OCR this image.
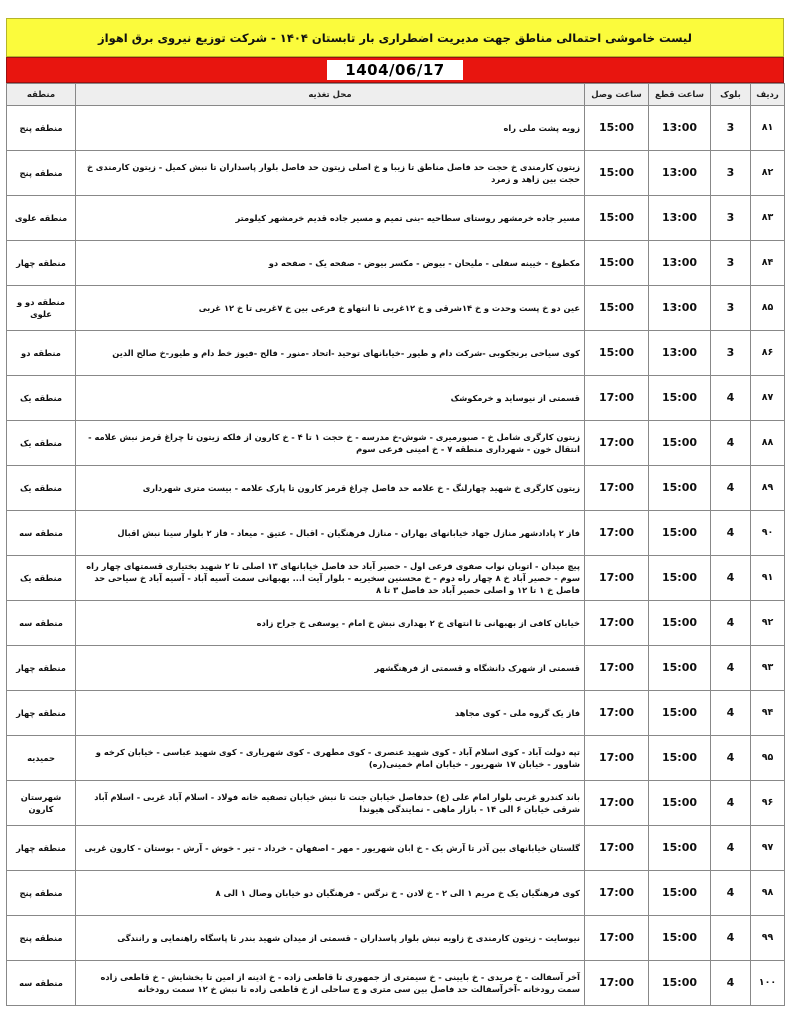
لیست خاموشی احتمالی مناطق جهت مدیریت اضطراری بار تابستان ۱۴۰۴ - شرکت توزیع نیروی برق اهواز
1404/06/17
ردیف	بلوک	ساعت قطع	ساعت وصل	محل تغذیه	منطقه
۸۱	3	13:00	15:00	زویه پشت ملی راه	منطقه پنج
۸۲	3	13:00	15:00	زیتون کارمندی خ حجت حد فاصل مناطق تا زیبا و خ اصلی زیتون حد فاصل بلوار پاسداران تا نبش کمیل - زیتون کارمندی خ حجت بین زاهد و زمرد	منطقه پنج
۸۳	3	13:00	15:00	مسیر جاده خرمشهر روستای سطاحیه -بنی تمیم و مسیر جاده قدیم خرمشهر کیلومتر	منطقه علوی
۸۴	3	13:00	15:00	مکطوع - خیینه سفلی - ملیحان - بیوض - مکسر بیوض - صفحه یک - صفحه دو	منطقه چهار
۸۵	3	13:00	15:00	عین دو خ پست وحدت و خ ۱۴شرقی و خ ۱۲غربی تا انتهاو خ فرعی بین خ ۷غربی تا خ ۱۲ غربی	منطقه دو و علوی
۸۶	3	13:00	15:00	کوی سیاحی برنجکوبی -شرکت دام و طیور -خیابانهای توحید -اتحاد -منور - فالح -فیوز خط دام و طیور-خ صالح الدین	منطقه دو
۸۷	4	15:00	17:00	قسمتی از نیوساید و خرمکوشک	منطقه یک
۸۸	4	15:00	17:00	زیتون کارگری شامل خ - صبورمیری - شوش-خ مدرسه - خ حجت ۱ تا ۴ - خ کارون از فلکه زیتون تا چراغ قرمز نبش علامه - انتقال خون - شهرداری منطقه ۷ - خ امینی فرعی سوم	منطقه یک
۸۹	4	15:00	17:00	زیتون کارگری خ شهید چهارلنگ - خ علامه حد فاصل چراغ قرمز کارون تا پارک علامه - بیست متری شهرداری	منطقه یک
۹۰	4	15:00	17:00	فاز ۲ پادادشهر منازل جهاد خیابانهای بهاران - منازل فرهنگیان - اقبال - عتیق - میعاد - فاز ۲ بلوار سینا نبش اقبال	منطقه سه
۹۱	4	15:00	17:00	پیچ میدان - اتوبان نواب صفوی فرعی اول - حصیر آباد حد فاصل خیابانهای ۱۳ اصلی تا ۲ شهید بختیاری قسمتهای چهار راه سوم - حصیر آباد خ ۸ چهار راه دوم - خ محسنین سخیریه - بلوار آیت ا... بهبهانی سمت آسیه آباد - آسیه آباد خ سیاحی حد فاصل خ ۱ تا ۱۲ و اصلی حصیر آباد حد فاصل ۳ تا ۸	منطقه یک
۹۲	4	15:00	17:00	خیابان کافی از بهبهانی تا انتهای خ ۲ بهداری نبش خ امام - یوسفی خ جراح زاده	منطقه سه
۹۳	4	15:00	17:00	قسمتی از شهرک دانشگاه و قسمتی از فرهنگشهر	منطقه چهار
۹۴	4	15:00	17:00	فاز یک گروه ملی - کوی مجاهد	منطقه چهار
۹۵	4	15:00	17:00	تپه دولت آباد - کوی اسلام آباد - کوی شهید عنصری - کوی مطهری - کوی شهریاری - کوی شهید عباسی - خیابان کرخه و شاوور - خیابان ۱۷ شهریور - خیابان امام خمینی(ره)	حمیدیه
۹۶	4	15:00	17:00	باند کندرو غربی بلوار امام علی (ع) حدفاصل خیابان جنت تا نبش خیابان تصفیه خانه فولاد - اسلام آباد غربی - اسلام آباد شرقی خیابان ۶ الی ۱۴ - بازار ماهی - نمایندگی هیوندا	شهرستان کارون
۹۷	4	15:00	17:00	گلستان خیابانهای بین آذر تا آرش یک - خ ابان شهریور - مهر - اصفهان - خرداد - تیر - خوش - آرش - بوستان - کارون غربی	منطقه چهار
۹۸	4	15:00	17:00	کوی فرهنگیان یک خ مریم ۱ الی ۲ - خ لادن - خ نرگس - فرهنگیان دو خیابان وصال ۱ الی ۸	منطقه پنج
۹۹	4	15:00	17:00	نیوسایت - زیتون کارمندی خ زاویه نبش بلوار پاسداران - قسمتی از میدان شهید بندر تا پاسگاه راهنمایی و رانندگی	منطقه پنج
۱۰۰	4	15:00	17:00	آخر آسفالت - خ مریدی - خ بایینی - خ سیمتری از جمهوری تا قاطعی زاده - خ اذینه از امین تا بخشایش - خ قاطعی زاده سمت رودخانه -آخرآسفالت حد فاصل بین سی متری و ج ساحلی از خ قاطعی زاده تا نبش خ ۱۲ سمت رودخانه	منطقه سه
